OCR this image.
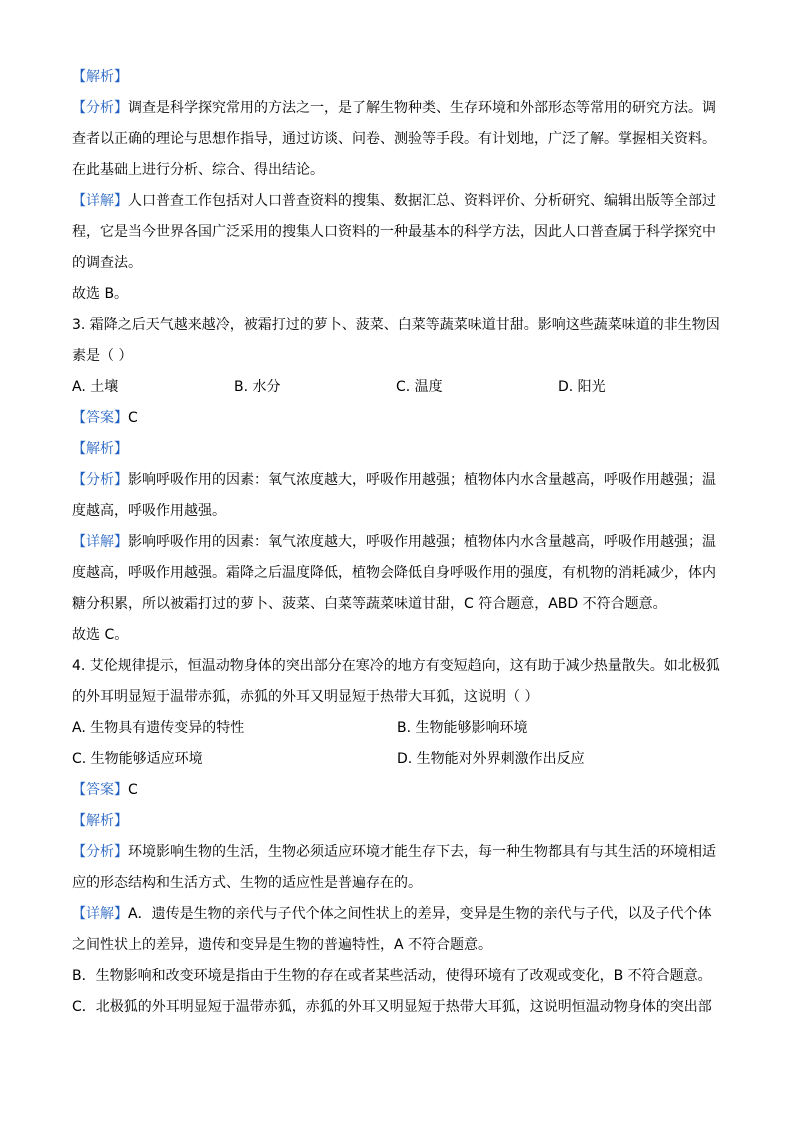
【解析】
【分析】调查是科学探究常用的方法之一，是了解生物种类、生存环境和外部形态等常用的研究方法。调
查者以正确的理论与思想作指导，通过访谈、问卷、测验等手段。有计划地，广泛了解。掌握相关资料。
在此基础上进行分析、综合、得出结论。
【详解】人口普查工作包括对人口普查资料的搜集、数据汇总、资料评价、分析研究、编辑出版等全部过
程，它是当今世界各国广泛采用的搜集人口资料的一种最基本的科学方法，因此人口普查属于科学探究中
的调查法。
故选 B。
3. 霜降之后天气越来越冷，被霜打过的萝卜、菠菜、白菜等蔬菜味道甘甜。影响这些蔬菜味道的非生物因
素是（ ）
A. 土壤	B. 水分	C. 温度	D. 阳光
【答案】C
【解析】
【分析】影响呼吸作用的因素：氧气浓度越大，呼吸作用越强；植物体内水含量越高，呼吸作用越强；温
度越高，呼吸作用越强。
【详解】影响呼吸作用的因素：氧气浓度越大，呼吸作用越强；植物体内水含量越高，呼吸作用越强；温
度越高，呼吸作用越强。霜降之后温度降低，植物会降低自身呼吸作用的强度，有机物的消耗减少，体内
糖分积累，所以被霜打过的萝卜、菠菜、白菜等蔬菜味道甘甜，C 符合题意，ABD 不符合题意。
故选 C。
4. 艾伦规律提示，恒温动物身体的突出部分在寒冷的地方有变短趋向，这有助于减少热量散失。如北极狐
的外耳明显短于温带赤狐，赤狐的外耳又明显短于热带大耳狐，这说明（ ）
A. 生物具有遗传变异的特性	B. 生物能够影响环境
C. 生物能够适应环境	D. 生物能对外界刺激作出反应
【答案】C
【解析】
【分析】环境影响生物的生活，生物必须适应环境才能生存下去，每一种生物都具有与其生活的环境相适
应的形态结构和生活方式、生物的适应性是普遍存在的。
【详解】A．遗传是生物的亲代与子代个体之间性状上的差异，变异是生物的亲代与子代，以及子代个体
之间性状上的差异，遗传和变异是生物的普遍特性，A 不符合题意。
B．生物影响和改变环境是指由于生物的存在或者某些活动，使得环境有了改观或变化，B 不符合题意。
C．北极狐的外耳明显短于温带赤狐，赤狐的外耳又明显短于热带大耳狐，这说明恒温动物身体的突出部
